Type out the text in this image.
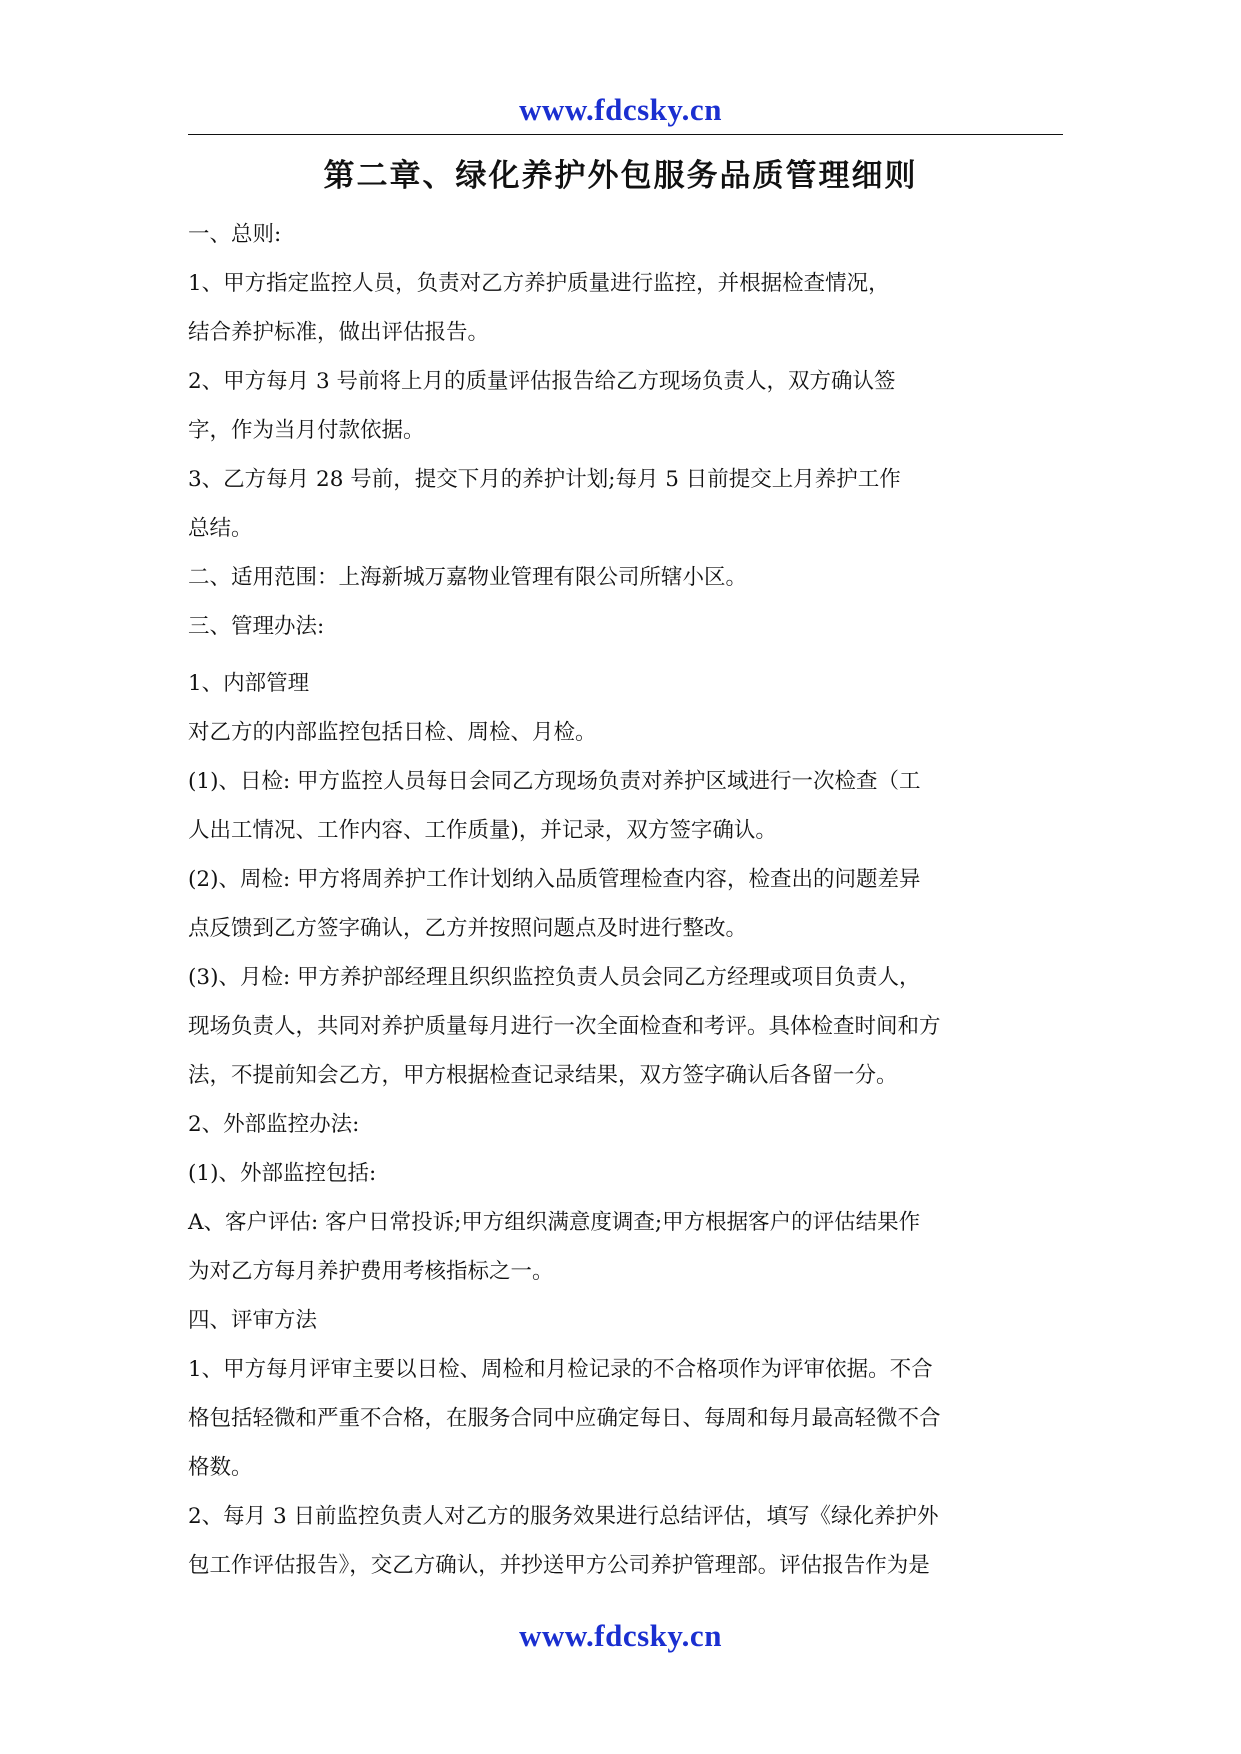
www.fdcsky.cn
第二章、绿化养护外包服务品质管理细则

一、总则:

1、甲方指定监控人员，负责对乙方养护质量进行监控，并根据检查情况，

结合养护标准，做出评估报告。

2、甲方每月 3 号前将上月的质量评估报告给乙方现场负责人，双方确认签

字，作为当月付款依据。

3、乙方每月 28 号前，提交下月的养护计划;每月 5 日前提交上月养护工作

总结。

二、适用范围：上海新城万嘉物业管理有限公司所辖小区。

三、管理办法:

1、内部管理

对乙方的内部监控包括日检、周检、月检。

(1)、日检: 甲方监控人员每日会同乙方现场负责对养护区域进行一次检查（工

人出工情况、工作内容、工作质量)，并记录，双方签字确认。

(2)、周检: 甲方将周养护工作计划纳入品质管理检查内容，检查出的问题差异

点反馈到乙方签字确认，乙方并按照问题点及时进行整改。

(3)、月检: 甲方养护部经理且织织监控负责人员会同乙方经理或项目负责人，

现场负责人，共同对养护质量每月进行一次全面检查和考评。具体检查时间和方

法，不提前知会乙方，甲方根据检查记录结果，双方签字确认后各留一分。

2、外部监控办法:

(1)、外部监控包括:

A、客户评估: 客户日常投诉;甲方组织满意度调查;甲方根据客户的评估结果作

为对乙方每月养护费用考核指标之一。

四、评审方法

1、甲方每月评审主要以日检、周检和月检记录的不合格项作为评审依据。不合

格包括轻微和严重不合格，在服务合同中应确定每日、每周和每月最高轻微不合

格数。

2、每月 3 日前监控负责人对乙方的服务效果进行总结评估，填写《绿化养护外

包工作评估报告》，交乙方确认，并抄送甲方公司养护管理部。评估报告作为是

www.fdcsky.cn
